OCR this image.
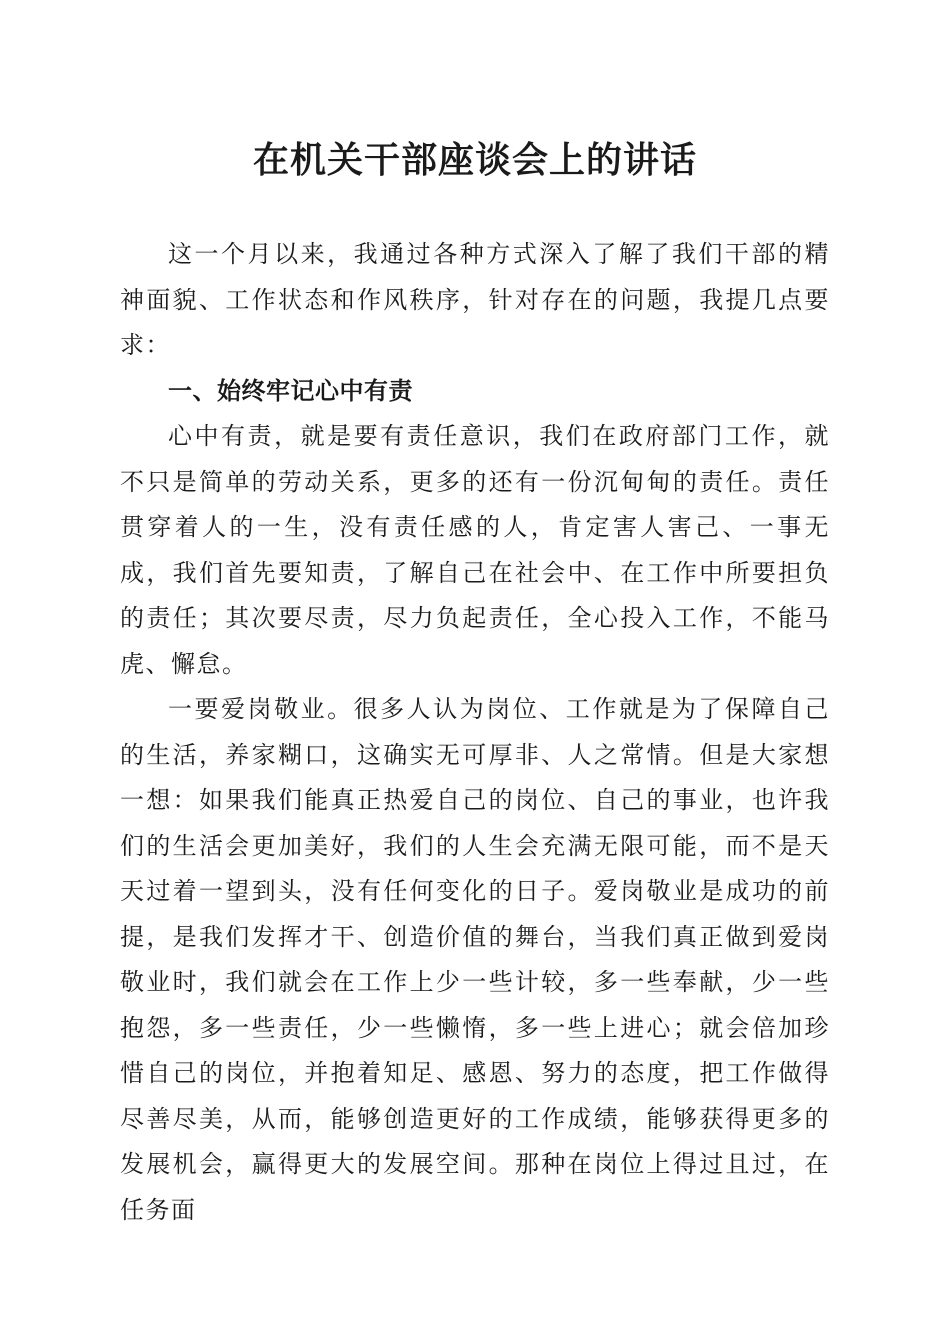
在机关干部座谈会上的讲话

这一个月以来，我通过各种方式深入了解了我们干部的精神面貌、工作状态和作风秩序，针对存在的问题，我提几点要求：

一、始终牢记心中有责

心中有责，就是要有责任意识，我们在政府部门工作，就不只是简单的劳动关系，更多的还有一份沉甸甸的责任。责任贯穿着人的一生，没有责任感的人，肯定害人害己、一事无成，我们首先要知责，了解自己在社会中、在工作中所要担负的责任；其次要尽责，尽力负起责任，全心投入工作，不能马虎、懈怠。

一要爱岗敬业。很多人认为岗位、工作就是为了保障自己的生活，养家糊口，这确实无可厚非、人之常情。但是大家想一想：如果我们能真正热爱自己的岗位、自己的事业，也许我们的生活会更加美好，我们的人生会充满无限可能，而不是天天过着一望到头，没有任何变化的日子。爱岗敬业是成功的前提，是我们发挥才干、创造价值的舞台，当我们真正做到爱岗敬业时，我们就会在工作上少一些计较，多一些奉献，少一些抱怨，多一些责任，少一些懒惰，多一些上进心；就会倍加珍惜自己的岗位，并抱着知足、感恩、努力的态度，把工作做得尽善尽美，从而，能够创造更好的工作成绩，能够获得更多的发展机会，赢得更大的发展空间。那种在岗位上得过且过，在任务面
